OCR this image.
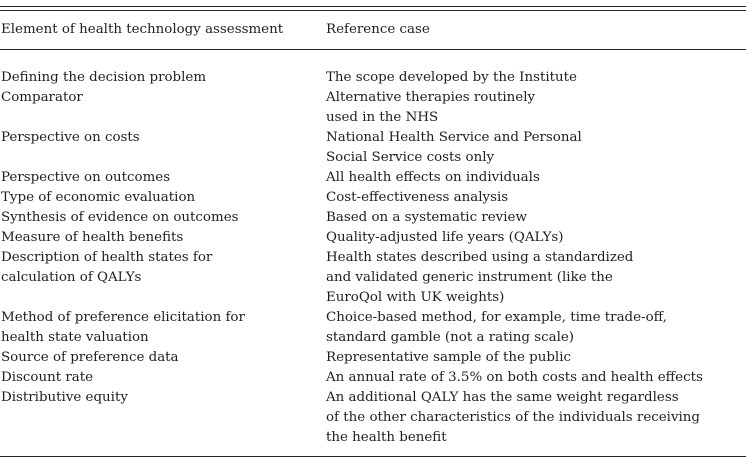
Element of health technology assessment	Reference case

Defining the decision problem	The scope developed by the Institute

Comparator	Alternative therapies routinely
used in the NHS

Perspective on costs	National Health Service and Personal
Social Service costs only

Perspective on outcomes	All health effects on individuals

Type of economic evaluation	Cost-effectiveness analysis

Synthesis of evidence on outcomes	Based on a systematic review

Measure of health benefits	Quality-adjusted life years (QALYs)

Description of health states for
calculation of QALYs	Health states described using a standardized
and validated generic instrument (like the
EuroQol with UK weights)

Method of preference elicitation for
health state valuation	Choice-based method, for example, time trade-off,
standard gamble (not a rating scale)

Source of preference data	Representative sample of the public

Discount rate	An annual rate of 3.5% on both costs and health effects

Distributive equity	An additional QALY has the same weight regardless
of the other characteristics of the individuals receiving
the health benefit
